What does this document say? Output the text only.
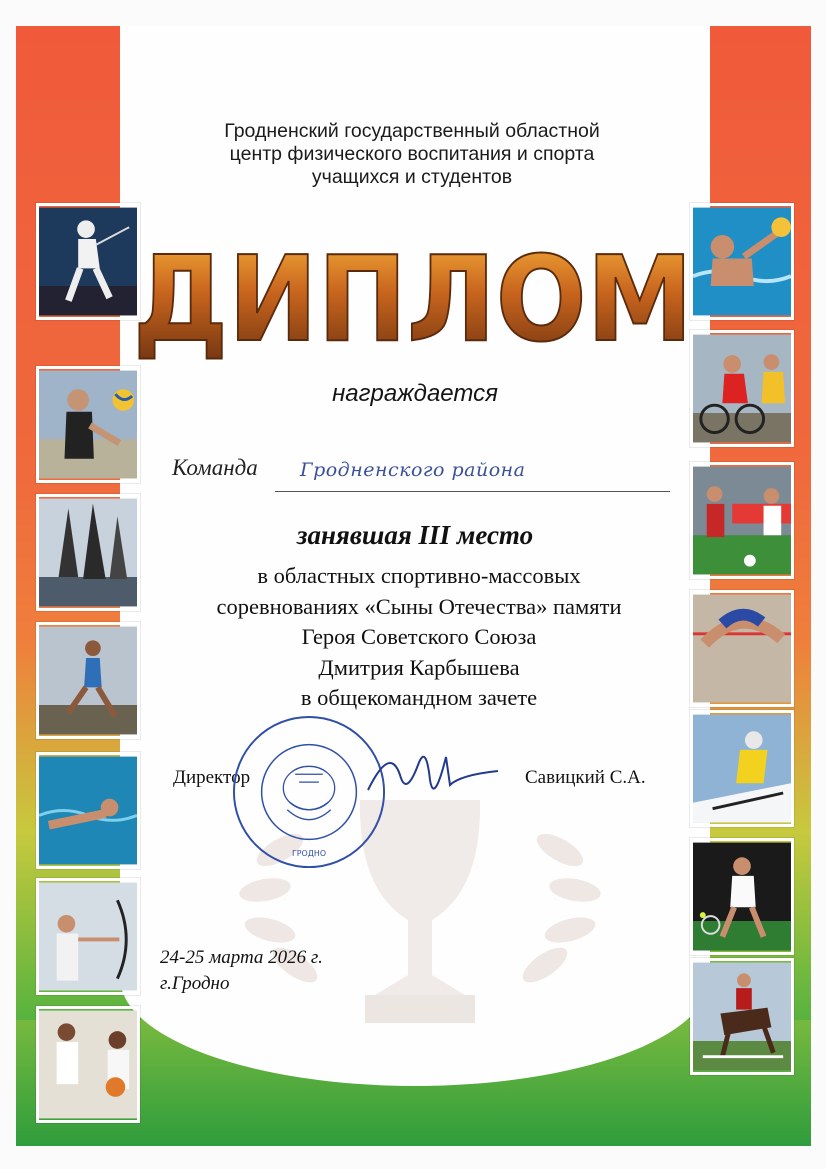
Гродненский государственный областной
центр физического воспитания и спорта
учащихся и студентов
ДИПЛОМ
награждается
Команда Гродненского района
занявшая III место
в областных спортивно-массовых
соревнованиях «Сыны Отечества» памяти
Героя Советского Союза
Дмитрия Карбышева
в общекомандном зачете
Директор	Савицкий С.А.
ГРОДНО
24-25 марта 2026 г.
г.Гродно
